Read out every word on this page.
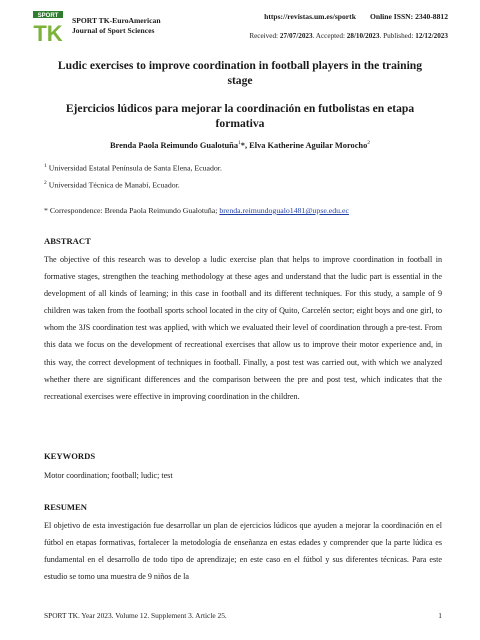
SPORT
TK
SPORT TK-EuroAmerican
Journal of Sport Sciences
https://revistas.um.es/sportk Online ISSN: 2340-8812
Received: 27/07/2023. Accepted: 28/10/2023. Published: 12/12/2023
Ludic exercises to improve coordination in football players in the training stage
Ejercicios lúdicos para mejorar la coordinación en futbolistas en etapa formativa
Brenda Paola Reimundo Gualotuña$^1$*, Elva Katherine Aguilar Morocho$^2$
$^1$ Universidad Estatal Península de Santa Elena, Ecuador.
$^2$ Universidad Técnica de Manabí, Ecuador.
* Correspondence: Brenda Paola Reimundo Gualotuña; brenda.reimundogualo1481@upse.edu.ec
ABSTRACT
The objective of this research was to develop a ludic exercise plan that helps to improve coordination in football in formative stages, strengthen the teaching methodology at these ages and understand that the ludic part is essential in the development of all kinds of learning; in this case in football and its different techniques. For this study, a sample of 9 children was taken from the football sports school located in the city of Quito, Carcelén sector; eight boys and one girl, to whom the 3JS coordination test was applied, with which we evaluated their level of coordination through a pre-test. From this data we focus on the development of recreational exercises that allow us to improve their motor experience and, in this way, the correct development of techniques in football. Finally, a post test was carried out, with which we analyzed whether there are significant differences and the comparison between the pre and post test, which indicates that the recreational exercises were effective in improving coordination in the children.
KEYWORDS
Motor coordination; football; ludic; test
RESUMEN
El objetivo de esta investigación fue desarrollar un plan de ejercicios lúdicos que ayuden a mejorar la coordinación en el fútbol en etapas formativas, fortalecer la metodología de enseñanza en estas edades y comprender que la parte lúdica es fundamental en el desarrollo de todo tipo de aprendizaje; en este caso en el fútbol y sus diferentes técnicas. Para este estudio se tomo una muestra de 9 niños de la
SPORT TK. Year 2023. Volume 12. Supplement 3. Article 25.	1
